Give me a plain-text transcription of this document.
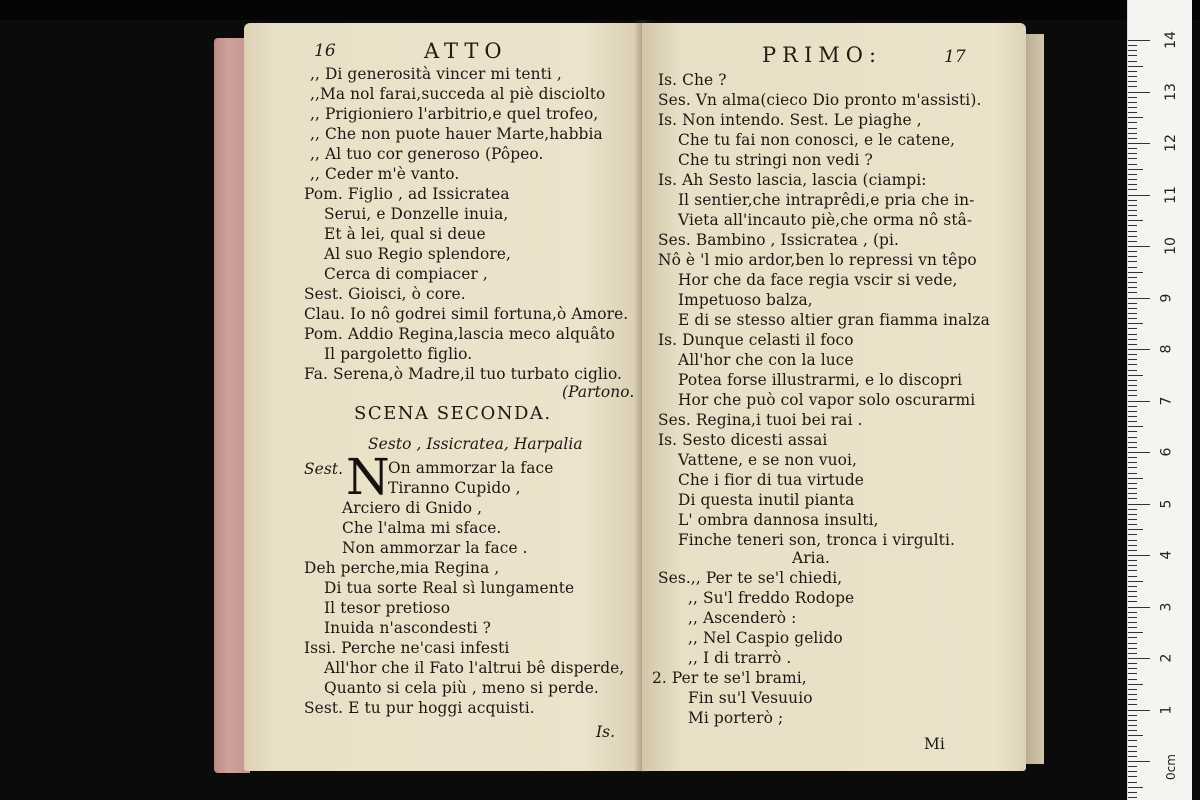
16	ATTO
,, Di generosità vincer mi tenti ,
,,Ma nol farai,succeda al piè disciolto
,, Prigioniero l'arbitrio,e quel trofeo,
,, Che non puote hauer Marte,habbia
,, Al tuo cor generoso (Pôpeo.
,, Ceder m'è vanto.
Pom. Figlio , ad Issicratea
Serui, e Donzelle inuia,
Et à lei, qual si deue
Al suo Regio splendore,
Cerca di compiacer ,
Sest. Gioisci, ò core.
Clau. Io nô godrei simil fortuna,ò Amore.
Pom. Addio Regina,lascia meco alquâto
Il pargoletto figlio.
Fa. Serena,ò Madre,il tuo turbato ciglio.
(Partono.
SCENA SECONDA.
Sesto , Issicratea, Harpalia
Sest. N
On ammorzar la face
Tiranno Cupido ,
Arciero di Gnido ,
Che l'alma mi sface.
Non ammorzar la face .
Deh perche,mia Regina ,
Di tua sorte Real sì lungamente
Il tesor pretioso
Inuida n'ascondesti ?
Issi. Perche ne'casi infesti
All'hor che il Fato l'altrui bê disperde,
Quanto si cela più , meno si perde.
Sest. E tu pur hoggi acquisti.
Is.
PRIMO:	17
Is. Che ?
Ses. Vn alma(cieco Dio pronto m'assisti).
Is. Non intendo. Sest. Le piaghe ,
Che tu fai non conosci, e le catene,
Che tu stringi non vedi ?
Is. Ah Sesto lascia, lascia (ciampi:
Il sentier,che intraprêdi,e pria che in-
Vieta all'incauto piè,che orma nô stâ-
Ses. Bambino , Issicratea , (pi.
Nô è 'l mio ardor,ben lo repressi vn têpo
Hor che da face regia vscir si vede,
Impetuoso balza,
E di se stesso altier gran fiamma inalza
Is. Dunque celasti il foco
All'hor che con la luce
Potea forse illustrarmi, e lo discopri
Hor che può col vapor solo oscurarmi
Ses. Regina,i tuoi bei rai .
Is. Sesto dicesti assai
Vattene, e se non vuoi,
Che i fior di tua virtude
Di questa inutil pianta
L' ombra dannosa insulti,
Finche teneri son, tronca i virgulti.
Aria.
Ses.,, Per te se'l chiedi,
,, Su'l freddo Rodope
,, Ascenderò :
,, Nel Caspio gelido
,, I di trarrò .
2. Per te se'l brami,
Fin su'l Vesuuio
Mi porterò ;
Mi
0cm
14
13
12
11
10
9
8
7
6
5
4
3
2
1
